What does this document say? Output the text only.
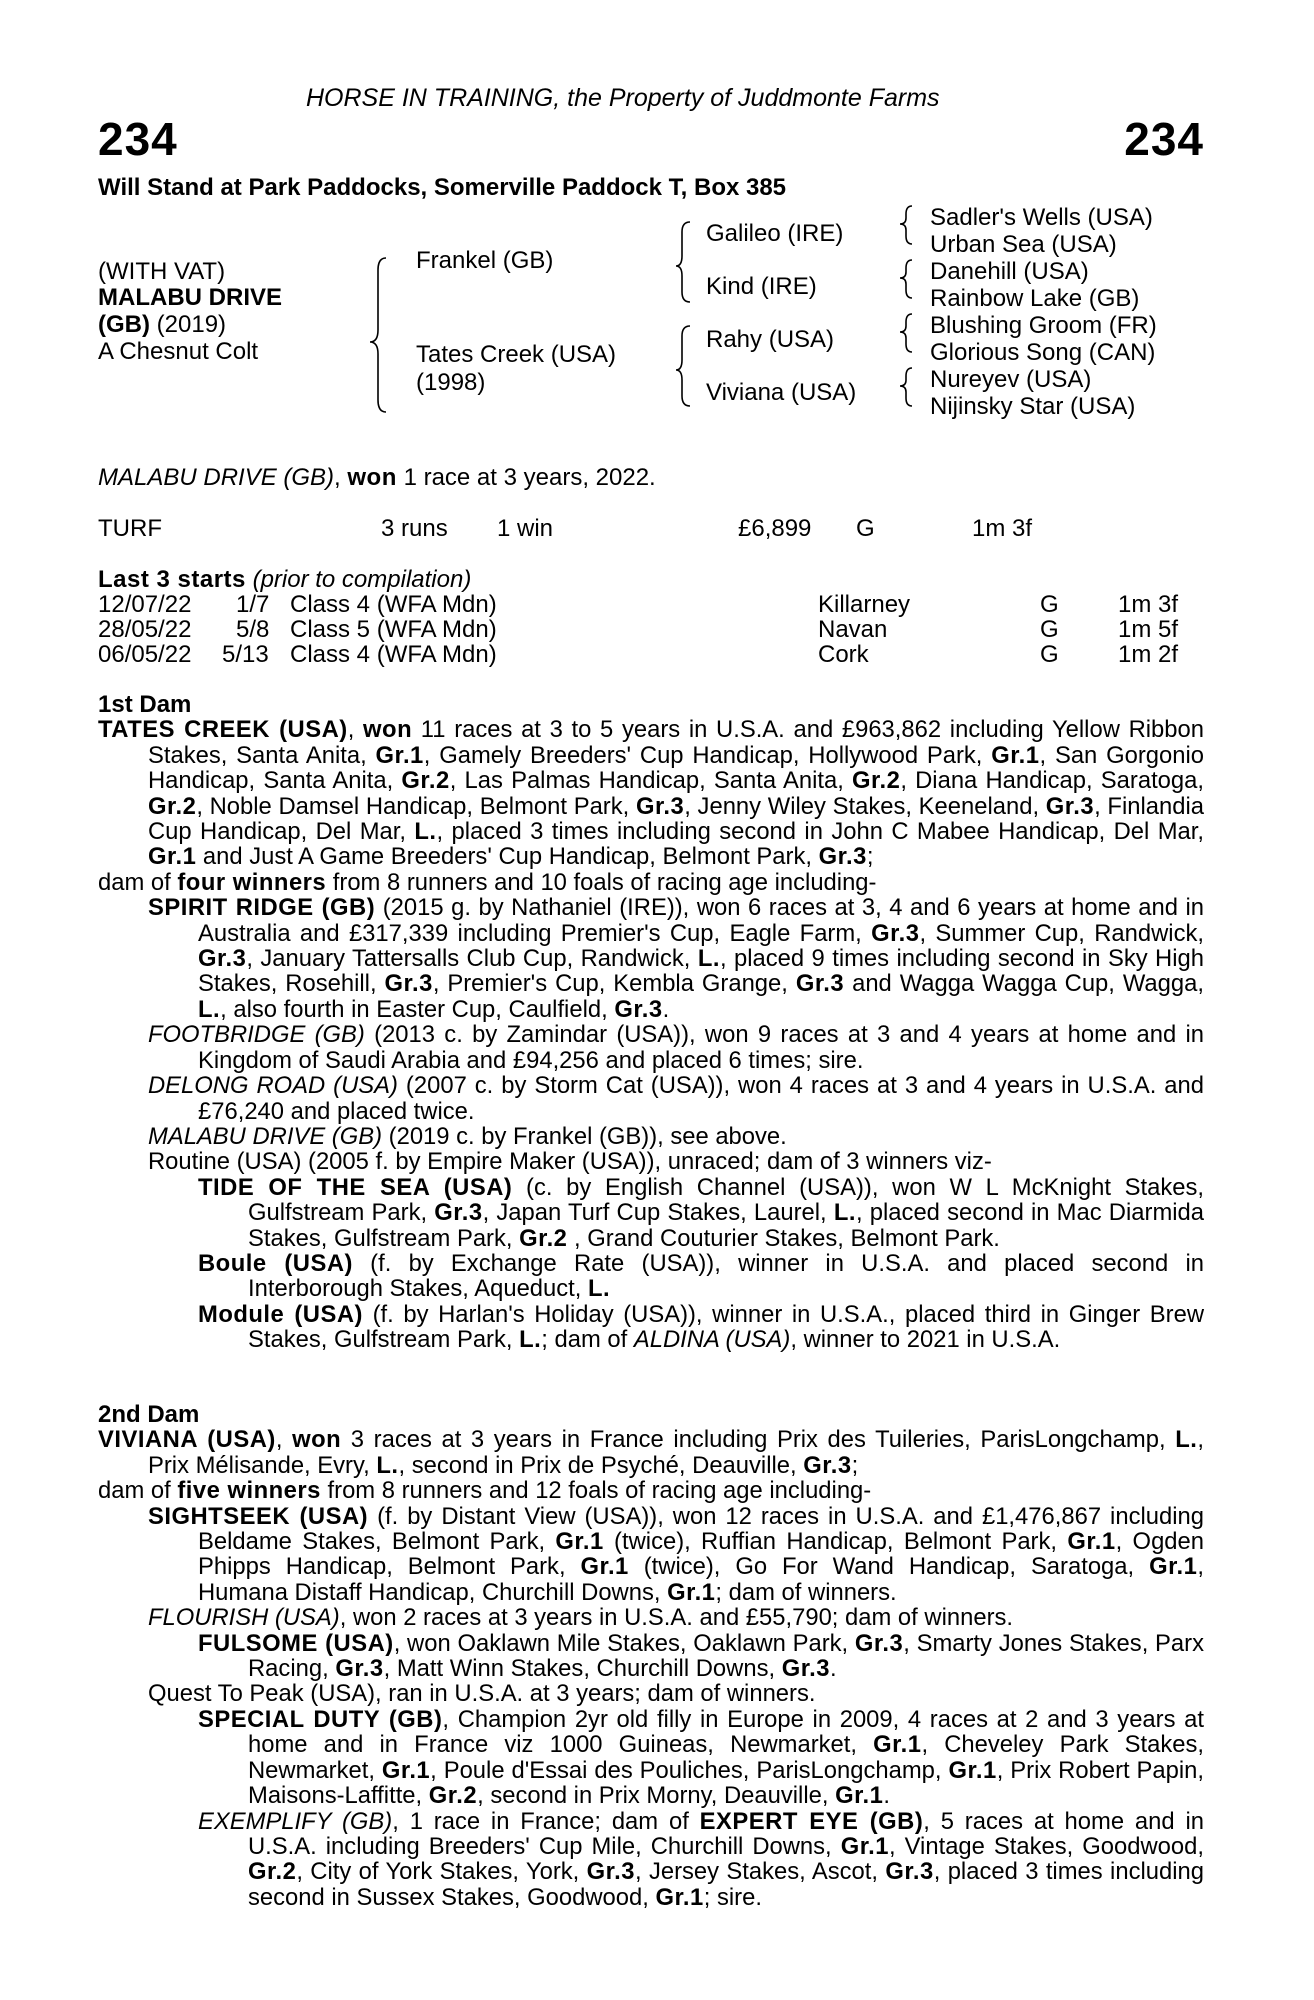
HORSE IN TRAINING, the Property of Juddmonte Farms
234	234
Will Stand at Park Paddocks, Somerville Paddock T, Box 385
(WITH VAT)
MALABU DRIVE
(GB) (2019)
A Chesnut Colt
Frankel (GB)
Tates Creek (USA)
(1998)
Galileo (IRE)
Kind (IRE)
Rahy (USA)
Viviana (USA)
Sadler's Wells (USA)
Urban Sea (USA)
Danehill (USA)
Rainbow Lake (GB)
Blushing Groom (FR)
Glorious Song (CAN)
Nureyev (USA)
Nijinsky Star (USA)
MALABU DRIVE (GB), won 1 race at 3 years, 2022.
TURF	3 runs 1 win	£6,899 G	1m 3f
Last 3 starts (prior to compilation)
12/07/22 1/7 Class 4 (WFA Mdn)	Killarney	G 1m 3f
28/05/22 5/8 Class 5 (WFA Mdn)	Navan	G 1m 5f
06/05/22 5/13 Class 4 (WFA Mdn)	Cork	G 1m 2f
1st Dam

TATES CREEK (USA), won 11 races at 3 to 5 years in U.S.A. and £963,862 including Yellow Ribbon Stakes, Santa Anita, Gr.1, Gamely Breeders' Cup Handicap, Hollywood Park, Gr.1, San Gorgonio Handicap, Santa Anita, Gr.2, Las Palmas Handicap, Santa Anita, Gr.2, Diana Handicap, Saratoga, Gr.2, Noble Damsel Handicap, Belmont Park, Gr.3, Jenny Wiley Stakes, Keeneland, Gr.3, Finlandia Cup Handicap, Del Mar, L., placed 3 times including second in John C Mabee Handicap, Del Mar, Gr.1 and Just A Game Breeders' Cup Handicap, Belmont Park, Gr.3;

dam of four winners from 8 runners and 10 foals of racing age including-

SPIRIT RIDGE (GB) (2015 g. by Nathaniel (IRE)), won 6 races at 3, 4 and 6 years at home and in Australia and £317,339 including Premier's Cup, Eagle Farm, Gr.3, Summer Cup, Randwick, Gr.3, January Tattersalls Club Cup, Randwick, L., placed 9 times including second in Sky High Stakes, Rosehill, Gr.3, Premier's Cup, Kembla Grange, Gr.3 and Wagga Wagga Cup, Wagga, L., also fourth in Easter Cup, Caulfield, Gr.3.

FOOTBRIDGE (GB) (2013 c. by Zamindar (USA)), won 9 races at 3 and 4 years at home and in Kingdom of Saudi Arabia and £94,256 and placed 6 times; sire.

DELONG ROAD (USA) (2007 c. by Storm Cat (USA)), won 4 races at 3 and 4 years in U.S.A. and £76,240 and placed twice.

MALABU DRIVE (GB) (2019 c. by Frankel (GB)), see above.

Routine (USA) (2005 f. by Empire Maker (USA)), unraced; dam of 3 winners viz-

TIDE OF THE SEA (USA) (c. by English Channel (USA)), won W L McKnight Stakes, Gulfstream Park, Gr.3, Japan Turf Cup Stakes, Laurel, L., placed second in Mac Diarmida Stakes, Gulfstream Park, Gr.2 , Grand Couturier Stakes, Belmont Park.

Boule (USA) (f. by Exchange Rate (USA)), winner in U.S.A. and placed second in Interborough Stakes, Aqueduct, L.

Module (USA) (f. by Harlan's Holiday (USA)), winner in U.S.A., placed third in Ginger Brew Stakes, Gulfstream Park, L.; dam of ALDINA (USA), winner to 2021 in U.S.A.

2nd Dam

VIVIANA (USA), won 3 races at 3 years in France including Prix des Tuileries, ParisLongchamp, L., Prix Mélisande, Evry, L., second in Prix de Psyché, Deauville, Gr.3;

dam of five winners from 8 runners and 12 foals of racing age including-

SIGHTSEEK (USA) (f. by Distant View (USA)), won 12 races in U.S.A. and £1,476,867 including Beldame Stakes, Belmont Park, Gr.1 (twice), Ruffian Handicap, Belmont Park, Gr.1, Ogden Phipps Handicap, Belmont Park, Gr.1 (twice), Go For Wand Handicap, Saratoga, Gr.1, Humana Distaff Handicap, Churchill Downs, Gr.1; dam of winners.

FLOURISH (USA), won 2 races at 3 years in U.S.A. and £55,790; dam of winners.

FULSOME (USA), won Oaklawn Mile Stakes, Oaklawn Park, Gr.3, Smarty Jones Stakes, Parx Racing, Gr.3, Matt Winn Stakes, Churchill Downs, Gr.3.

Quest To Peak (USA), ran in U.S.A. at 3 years; dam of winners.

SPECIAL DUTY (GB), Champion 2yr old filly in Europe in 2009, 4 races at 2 and 3 years at home and in France viz 1000 Guineas, Newmarket, Gr.1, Cheveley Park Stakes, Newmarket, Gr.1, Poule d'Essai des Pouliches, ParisLongchamp, Gr.1, Prix Robert Papin, Maisons-Laffitte, Gr.2, second in Prix Morny, Deauville, Gr.1.

EXEMPLIFY (GB), 1 race in France; dam of EXPERT EYE (GB), 5 races at home and in U.S.A. including Breeders' Cup Mile, Churchill Downs, Gr.1, Vintage Stakes, Goodwood, Gr.2, City of York Stakes, York, Gr.3, Jersey Stakes, Ascot, Gr.3, placed 3 times including second in Sussex Stakes, Goodwood, Gr.1; sire.
